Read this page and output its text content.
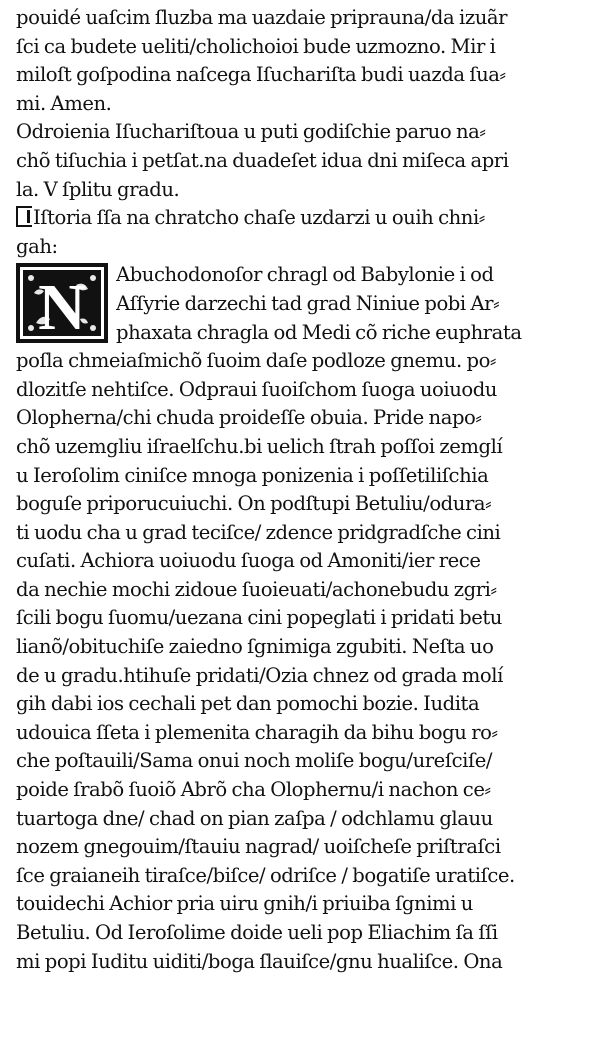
pouidé uaſcim ſluzba ma uazdaie priprauna/da izuãr
ſci ca budete ueliti/cholichoioi bude uzmozno. Mir i
miloſt goſpodina naſcega Iſuchariſta budi uazda ſua⸗
mi. Amen.
Odroienia Iſuchariſtoua u puti godiſchie paruo na⸗
chõ tiſuchia i petſat.na duadeſet idua dni miſeca apri
la. V ſplitu gradu.
Iſtoria ſſa na chratcho chaſe uzdarzi u ouih chni⸗
gah:
N Abuchodonoſor chragl od Babylonie i od
Aſſyrie darzechi tad grad Niniue pobi Ar⸗
phaxata chragla od Medi cõ riche euphrata
poſla chmeiaſmichõ ſuoim daſe podloze gnemu. po⸗
dlozitſe nehtiſce. Odpraui ſuoiſchom ſuoga uoiuodu
Olopherna/chi chuda proideſſe obuia. Pride napo⸗
chõ uzemgliu iſraelſchu.bi uelich ſtrah poſſoi zemglí
u Ieroſolim ciniſce mnoga ponizenia i poſſetiliſchia
boguſe priporucuiuchi. On podſtupi Betuliu/odura⸗
ti uodu cha u grad teciſce/ zdence pridgradſche cini
cuſati. Achiora uoiuodu ſuoga od Amoniti/ier rece
da nechie mochi zidoue ſuoieuati/achonebudu zgri⸗
ſcili bogu ſuomu/uezana cini popeglati i pridati betu
lianõ/obituchiſe zaiedno ſgnimiga zgubiti. Neſta uo
de u gradu.htihuſe pridati/Ozia chnez od grada molí
gih dabi ios cechali pet dan pomochi bozie. Iudita
udouica ſſeta i plemenita charagih da bihu bogu ro⸗
che poſtauili/Sama onui noch moliſe bogu/ureſciſe/
poide ſrabõ ſuoiõ Abrõ cha Olophernu/i nachon ce⸗
tuartoga dne/ chad on pian zaſpa / odchlamu glauu
nozem gnegouim/ſtauiu nagrad/ uoiſcheſe priſtraſci
ſce graianeih tiraſce/biſce/ odriſce / bogatiſe uratiſce.
touidechi Achior pria uiru gnih/i priuiba ſgnimi u
Betuliu. Od Ieroſolime doide ueli pop Eliachim ſa ſſi
mi popi Iuditu uiditi/boga ſlauiſce/gnu hualiſce. Ona
